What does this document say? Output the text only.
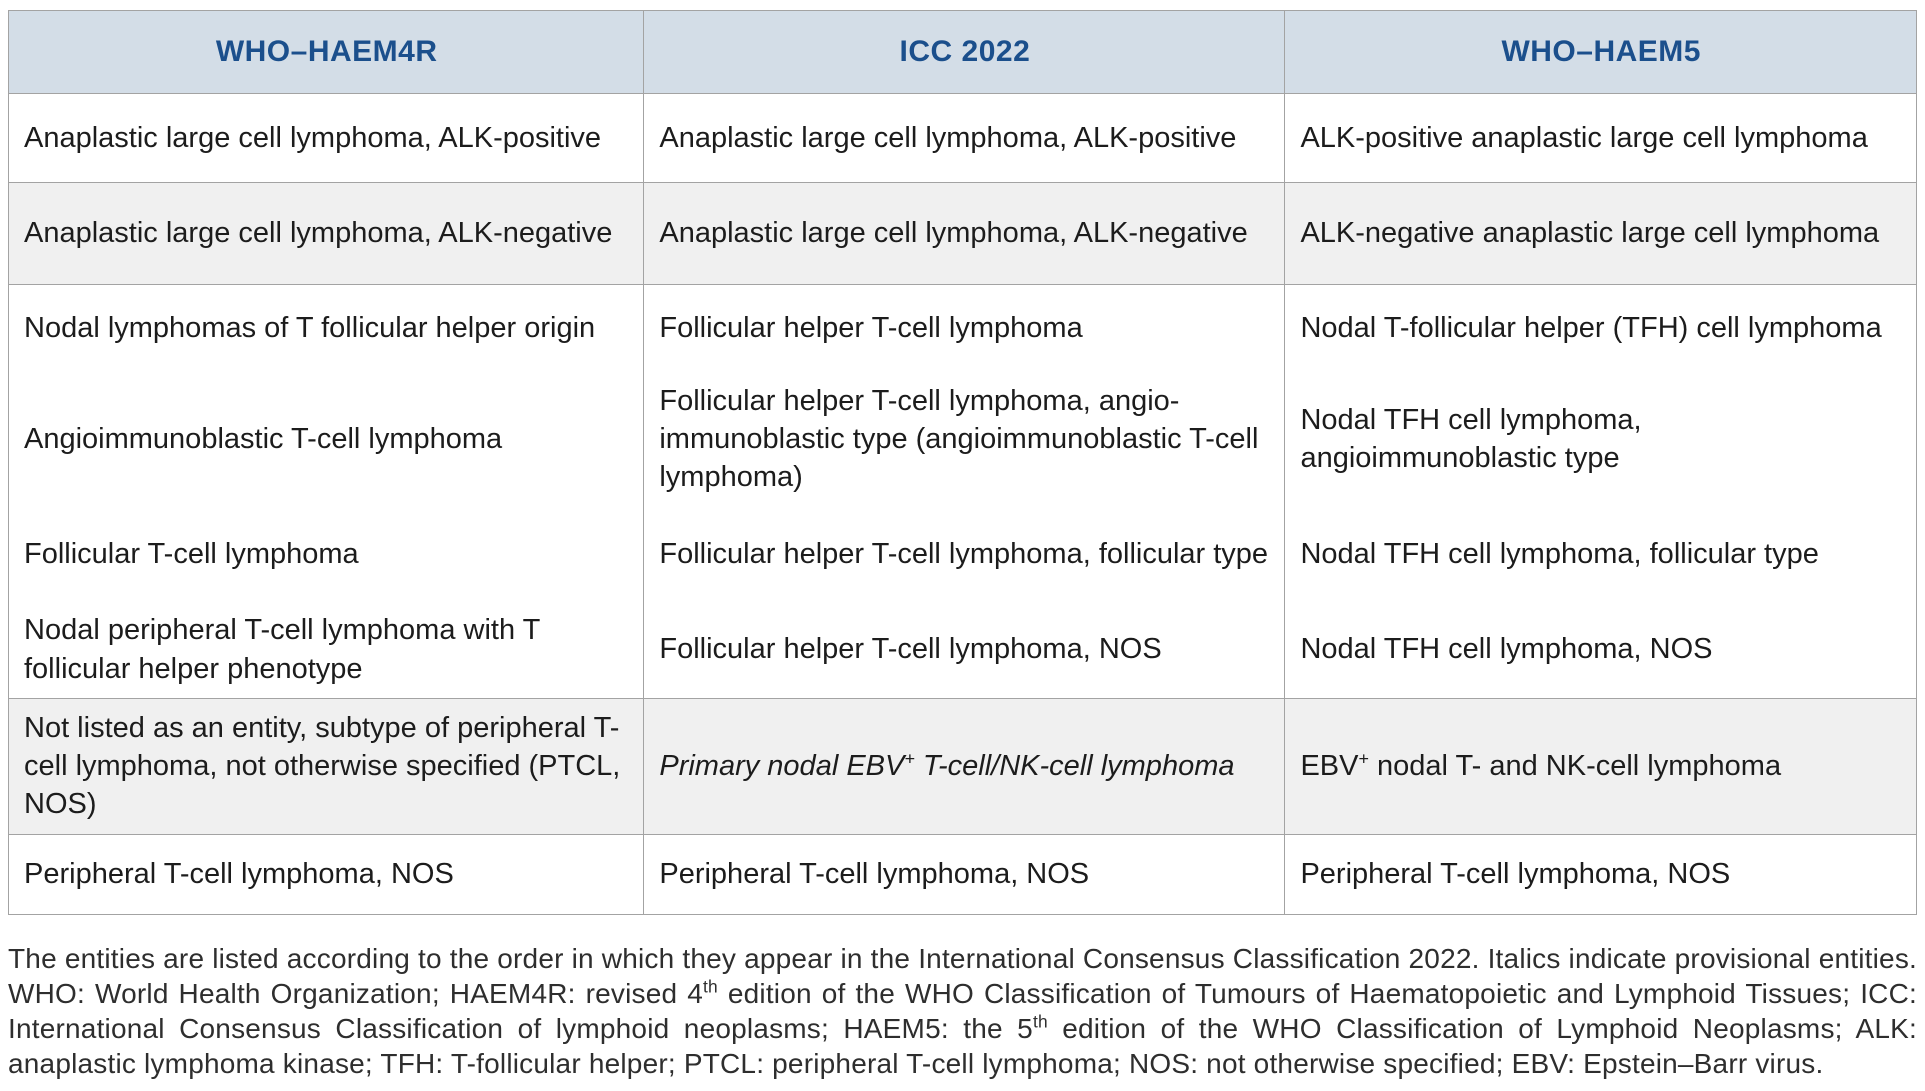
WHO–HAEM4R	ICC 2022	WHO–HAEM5
Anaplastic large cell lymphoma, ALK-positive	Anaplastic large cell lymphoma, ALK-positive	ALK-positive anaplastic large cell lymphoma
Anaplastic large cell lymphoma, ALK-negative	Anaplastic large cell lymphoma, ALK-negative	ALK-negative anaplastic large cell lymphoma
Nodal lymphomas of T follicular helper origin	Follicular helper T-cell lymphoma	Nodal T-follicular helper (TFH) cell lymphoma
Angioimmunoblastic T-cell lymphoma	Follicular helper T-cell lymphoma, angio-immunoblastic type (angioimmunoblastic T-cell lymphoma)	Nodal TFH cell lymphoma, angioimmunoblastic type
Follicular T-cell lymphoma	Follicular helper T-cell lymphoma, follicular type	Nodal TFH cell lymphoma, follicular type
Nodal peripheral T-cell lymphoma with T follicular helper phenotype	Follicular helper T-cell lymphoma, NOS	Nodal TFH cell lymphoma, NOS
Not listed as an entity, subtype of peripheral T-cell lymphoma, not otherwise specified (PTCL, NOS)	Primary nodal EBV+ T-cell/NK-cell lymphoma	EBV+ nodal T- and NK-cell lymphoma
Peripheral T-cell lymphoma, NOS	Peripheral T-cell lymphoma, NOS	Peripheral T-cell lymphoma, NOS
The entities are listed according to the order in which they appear in the International Consensus Classification 2022. Italics indicate provisional entities. WHO: World Health Organization; HAEM4R: revised 4th edition of the WHO Classification of Tumours of Haematopoietic and Lymphoid Tissues; ICC: International Consensus Classification of lymphoid neoplasms; HAEM5: the 5th edition of the WHO Classification of Lymphoid Neoplasms; ALK: anaplastic lymphoma kinase; TFH: T-follicular helper; PTCL: peripheral T-cell lymphoma; NOS: not otherwise specified; EBV: Epstein–Barr virus.
